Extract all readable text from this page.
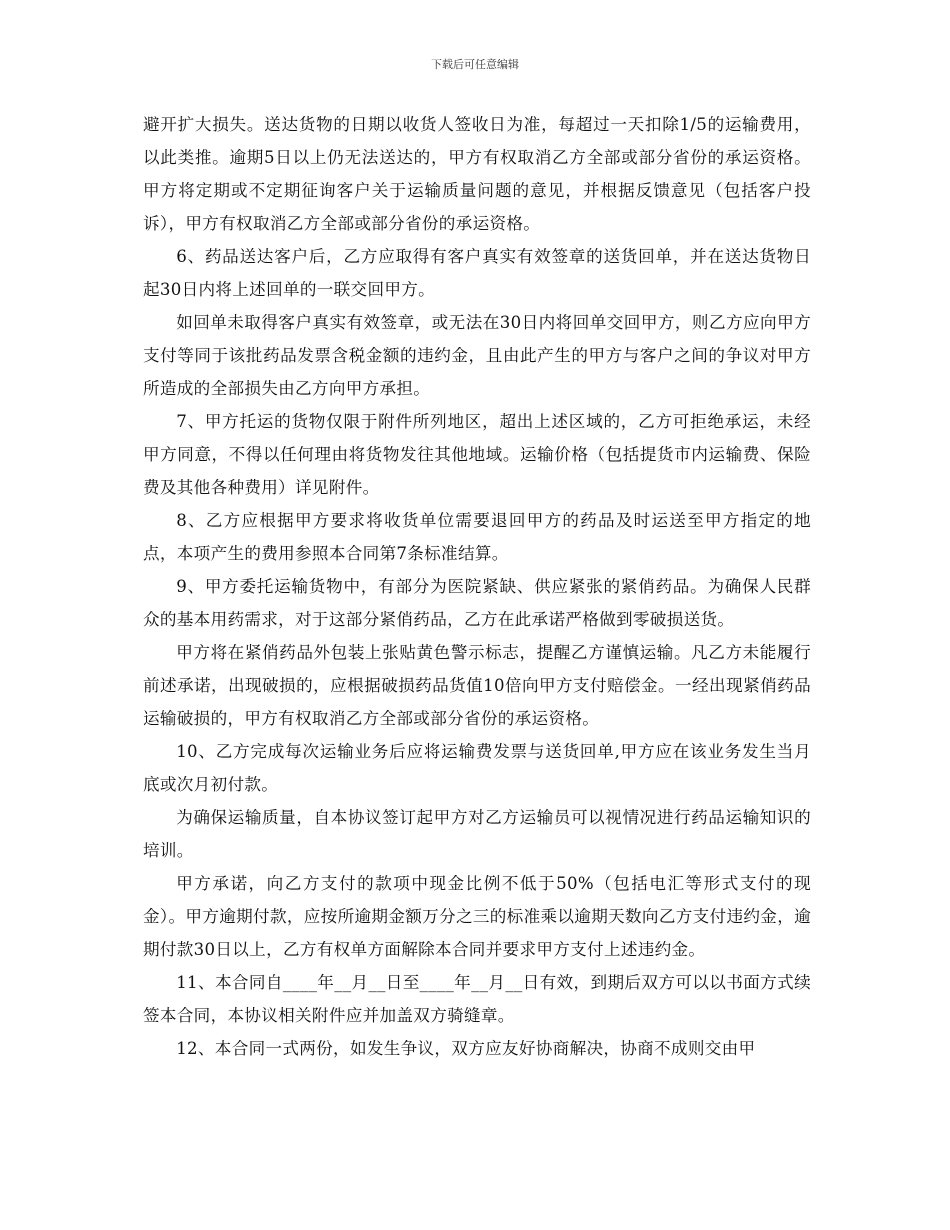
下载后可任意编辑

避开扩大损失。送达货物的日期以收货人签收日为准，每超过一天扣除1/5的运输费用，以此类推。逾期5日以上仍无法送达的，甲方有权取消乙方全部或部分省份的承运资格。甲方将定期或不定期征询客户关于运输质量问题的意见，并根据反馈意见（包括客户投诉），甲方有权取消乙方全部或部分省份的承运资格。

6、药品送达客户后，乙方应取得有客户真实有效签章的送货回单，并在送达货物日起30日内将上述回单的一联交回甲方。

如回单未取得客户真实有效签章，或无法在30日内将回单交回甲方，则乙方应向甲方支付等同于该批药品发票含税金额的违约金，且由此产生的甲方与客户之间的争议对甲方所造成的全部损失由乙方向甲方承担。

7、甲方托运的货物仅限于附件所列地区，超出上述区域的，乙方可拒绝承运，未经甲方同意，不得以任何理由将货物发往其他地域。运输价格（包括提货市内运输费、保险费及其他各种费用）详见附件。

8、乙方应根据甲方要求将收货单位需要退回甲方的药品及时运送至甲方指定的地点，本项产生的费用参照本合同第7条标准结算。

9、甲方委托运输货物中，有部分为医院紧缺、供应紧张的紧俏药品。为确保人民群众的基本用药需求，对于这部分紧俏药品，乙方在此承诺严格做到零破损送货。

甲方将在紧俏药品外包装上张贴黄色警示标志，提醒乙方谨慎运输。凡乙方未能履行前述承诺，出现破损的，应根据破损药品货值10倍向甲方支付赔偿金。一经出现紧俏药品运输破损的，甲方有权取消乙方全部或部分省份的承运资格。

10、乙方完成每次运输业务后应将运输费发票与送货回单,甲方应在该业务发生当月底或次月初付款。

为确保运输质量，自本协议签订起甲方对乙方运输员可以视情况进行药品运输知识的培训。

甲方承诺，向乙方支付的款项中现金比例不低于50%（包括电汇等形式支付的现金）。甲方逾期付款，应按所逾期金额万分之三的标准乘以逾期天数向乙方支付违约金，逾期付款30日以上，乙方有权单方面解除本合同并要求甲方支付上述违约金。

11、本合同自____年__月__日至____年__月__日有效，到期后双方可以以书面方式续签本合同，本协议相关附件应并加盖双方骑缝章。

12、本合同一式两份，如发生争议，双方应友好协商解决，协商不成则交由甲
